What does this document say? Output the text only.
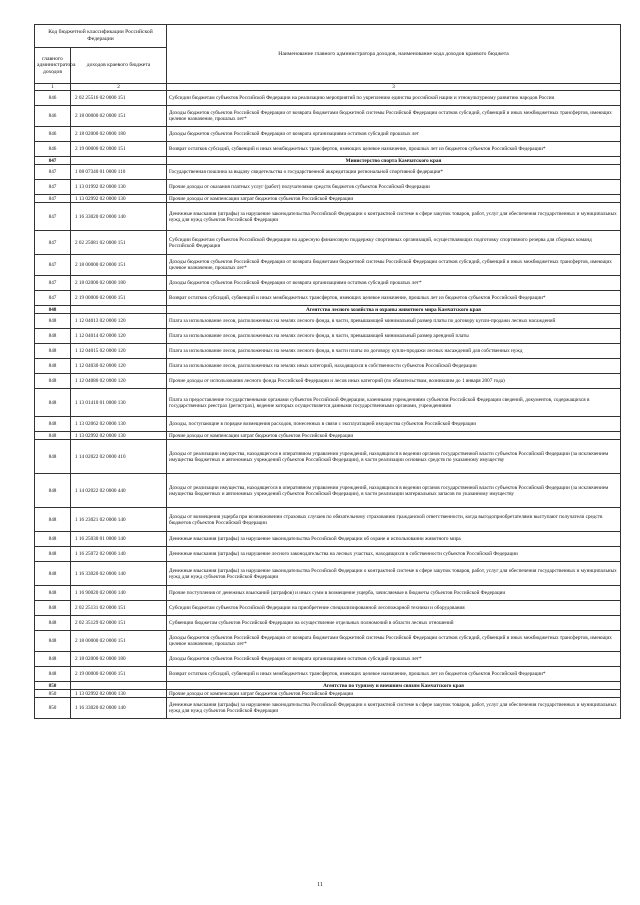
Код бюджетной классификации Российской Федерации		Наименование главного администратора доходов, наименование кода доходов краевого бюджета
главного администратора доходов	доходов краевого бюджета	
1	2	3
846	2 02 25516 02 0000 151	Субсидии бюджетам субъектов Российской Федерации на реализацию мероприятий по укреплению единства российской нации и этнокультурному развитию народов России
846	2 18 00000 02 0000 151	Доходы бюджетов субъектов Российской Федерации от возврата бюджетами бюджетной системы Российской Федерации остатков субсидий, субвенций и иных межбюджетных трансфертов, имеющих целевое назначение, прошлых лет*
846	2 18 02000 02 0000 180	Доходы бюджетов субъектов Российской Федерации от возврата организациями остатков субсидий прошлых лет
846	2 19 00000 02 0000 151	Возврат остатков субсидий, субвенций и иных межбюджетных трансфертов, имеющих целевое назначение, прошлых лет из бюджетов субъектов Российской Федерации*
847		Министерство спорта Камчатского края
847	1 08 07340 01 0000 110	Государственная пошлина за выдачу свидетельства о государственной аккредитации региональной спортивной федерации*
847	1 13 01992 02 0000 130	Прочие доходы от оказания платных услуг (работ) получателями средств бюджетов субъектов Российской Федерации
847	1 13 02992 02 0000 130	Прочие доходы от компенсации затрат бюджетов субъектов Российской Федерации
847	1 16 33020 02 0000 140	Денежные взыскания (штрафы) за нарушение законодательства Российской Федерации о контрактной системе в сфере закупок товаров, работ, услуг для обеспечения государственных и муниципальных нужд для нужд субъектов Российской Федерации
847	2 02 25081 02 0000 151	Субсидии бюджетам субъектов Российской Федерации на адресную финансовую поддержку спортивных организаций, осуществляющих подготовку спортивного резерва для сборных команд Российской Федерации
847	2 18 00000 02 0000 151	Доходы бюджетов субъектов Российской Федерации от возврата бюджетами бюджетной системы Российской Федерации остатков субсидий, субвенций и иных межбюджетных трансфертов, имеющих целевое назначение, прошлых лет*
847	2 18 02000 02 0000 180	Доходы бюджетов субъектов Российской Федерации от возврата организациями остатков субсидий прошлых лет*
847	2 19 00000 02 0000 151	Возврат остатков субсидий, субвенций и иных межбюджетных трансфертов, имеющих целевое назначение, прошлых лет из бюджетов субъектов Российской Федерации*
848		Агентство лесного хозяйства и охраны животного мира Камчатского края
848	1 12 04013 02 0000 120	Плата за использование лесов, расположенных на землях лесного фонда, в части, превышающей минимальный размер платы по договору купли-продажи лесных насаждений
848	1 12 04014 02 0000 120	Плата за использование лесов, расположенных на землях лесного фонда, в части, превышающей минимальный размер арендной платы
848	1 12 04015 02 0000 120	Плата за использование лесов, расположенных на землях лесного фонда, в части платы по договору купли-продажи лесных насаждений для собственных нужд
848	1 12 04030 02 0000 120	Плата за использование лесов, расположенных на землях иных категорий, находящихся в собственности субъектов Российской Федерации
848	1 12 04080 02 0000 120	Прочие доходы от использования лесного фонда Российской Федерации и лесов иных категорий (по обязательствам, возникшим до 1 января 2007 года)
848	1 13 01410 01 0000 130	Плата за предоставление государственными органами субъектов Российской Федерации, казенными учреждениями субъектов Российской Федерации сведений, документов, содержащихся в государственных реестрах (регистрах), ведение которых осуществляется данными государственными органами, учреждениями
848	1 13 02062 02 0000 130	Доходы, поступающие в порядке возмещения расходов, понесенных в связи с эксплуатацией имущества субъектов Российской Федерации
848	1 13 02992 02 0000 130	Прочие доходы от компенсации затрат бюджетов субъектов Российской Федерации
848	1 14 02022 02 0000 410	Доходы от реализации имущества, находящегося в оперативном управлении учреждений, находящихся в ведении органов государственной власти субъектов Российской Федерации (за исключением имущества бюджетных и автономных учреждений субъектов Российской Федерации), в части реализации основных средств по указанному имуществу
848	1 14 02022 02 0000 440	Доходы от реализации имущества, находящегося в оперативном управлении учреждений, находящихся в ведении органов государственной власти субъектов Российской Федерации (за исключением имущества бюджетных и автономных учреждений субъектов Российской Федерации), в части реализации материальных запасов по указанному имуществу
848	1 16 23021 02 0000 140	Доходы от возмещения ущерба при возникновении страховых случаев по обязательному страхованию гражданской ответственности, когда выгодоприобретателями выступают получатели средств бюджетов субъектов Российской Федерации
848	1 16 25030 01 0000 140	Денежные взыскания (штрафы) за нарушение законодательства Российской Федерации об охране и использовании животного мира
848	1 16 25072 02 0000 140	Денежные взыскания (штрафы) за нарушение лесного законодательства на лесных участках, находящихся в собственности субъектов Российской Федерации
848	1 16 33020 02 0000 140	Денежные взыскания (штрафы) за нарушение законодательства Российской Федерации о контрактной системе в сфере закупок товаров, работ, услуг для обеспечения государственных и муниципальных нужд для нужд субъектов Российской Федерации
848	1 16 90020 02 0000 140	Прочие поступления от денежных взысканий (штрафов) и иных сумм в возмещение ущерба, зачисляемые в бюджеты субъектов Российской Федерации
848	2 02 25131 02 0000 151	Субсидии бюджетам субъектов Российской Федерации на приобретение специализированной лесопожарной техники и оборудования
848	2 02 35129 02 0000 151	Субвенции бюджетам субъектов Российской Федерации на осуществление отдельных полномочий в области лесных отношений
848	2 18 00000 02 0000 151	Доходы бюджетов субъектов Российской Федерации от возврата бюджетами бюджетной системы Российской Федерации остатков субсидий, субвенций и иных межбюджетных трансфертов, имеющих целевое назначение, прошлых лет*
848	2 18 02000 02 0000 180	Доходы бюджетов субъектов Российской Федерации от возврата организациями остатков субсидий прошлых лет*
848	2 19 00000 02 0000 151	Возврат остатков субсидий, субвенций и иных межбюджетных трансфертов, имеющих целевое назначение, прошлых лет из бюджетов субъектов Российской Федерации*
850		Агентство по туризму и внешним связям Камчатского края
850	1 13 02992 02 0000 130	Прочие доходы от компенсации затрат бюджетов субъектов Российской Федерации
850	1 16 33020 02 0000 140	Денежные взыскания (штрафы) за нарушение законодательства Российской Федерации о контрактной системе в сфере закупок товаров, работ, услуг для обеспечения государственных и муниципальных нужд для нужд субъектов Российской Федерации
11
